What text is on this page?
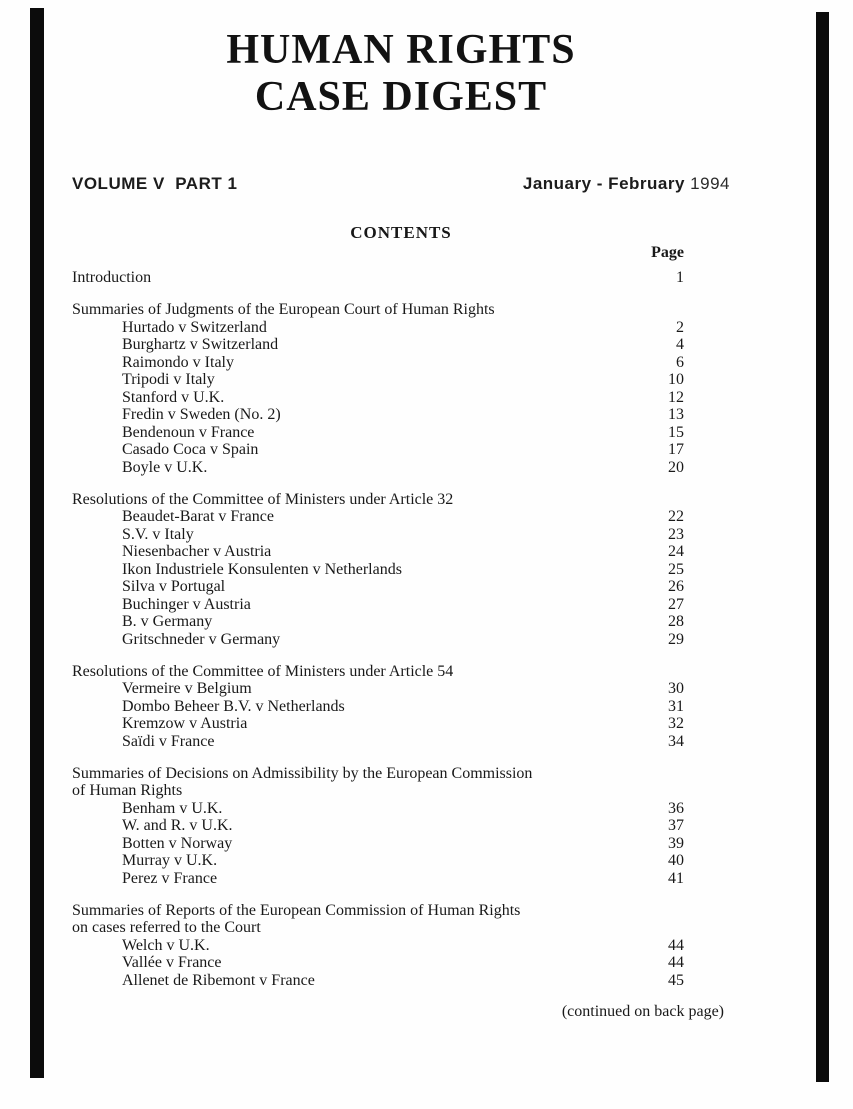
HUMAN RIGHTS
CASE DIGEST
VOLUME V  PART 1	January - February 1994
CONTENTS
Page
Introduction	1
Summaries of Judgments of the European Court of Human Rights
Hurtado v Switzerland	2
Burghartz v Switzerland	4
Raimondo v Italy	6
Tripodi v Italy	10
Stanford v U.K.	12
Fredin v Sweden (No. 2)	13
Bendenoun v France	15
Casado Coca v Spain	17
Boyle v U.K.	20
Resolutions of the Committee of Ministers under Article 32
Beaudet-Barat v France	22
S.V. v Italy	23
Niesenbacher v Austria	24
Ikon Industriele Konsulenten v Netherlands	25
Silva v Portugal	26
Buchinger v Austria	27
B. v Germany	28
Gritschneder v Germany	29
Resolutions of the Committee of Ministers under Article 54
Vermeire v Belgium	30
Dombo Beheer B.V. v Netherlands	31
Kremzow v Austria	32
Saïdi v France	34
Summaries of Decisions on Admissibility by the European Commission
of Human Rights
Benham v U.K.	36
W. and R. v U.K.	37
Botten v Norway	39
Murray v U.K.	40
Perez v France	41
Summaries of Reports of the European Commission of Human Rights
on cases referred to the Court
Welch v U.K.	44
Vallée v France	44
Allenet de Ribemont v France	45
(continued on back page)
